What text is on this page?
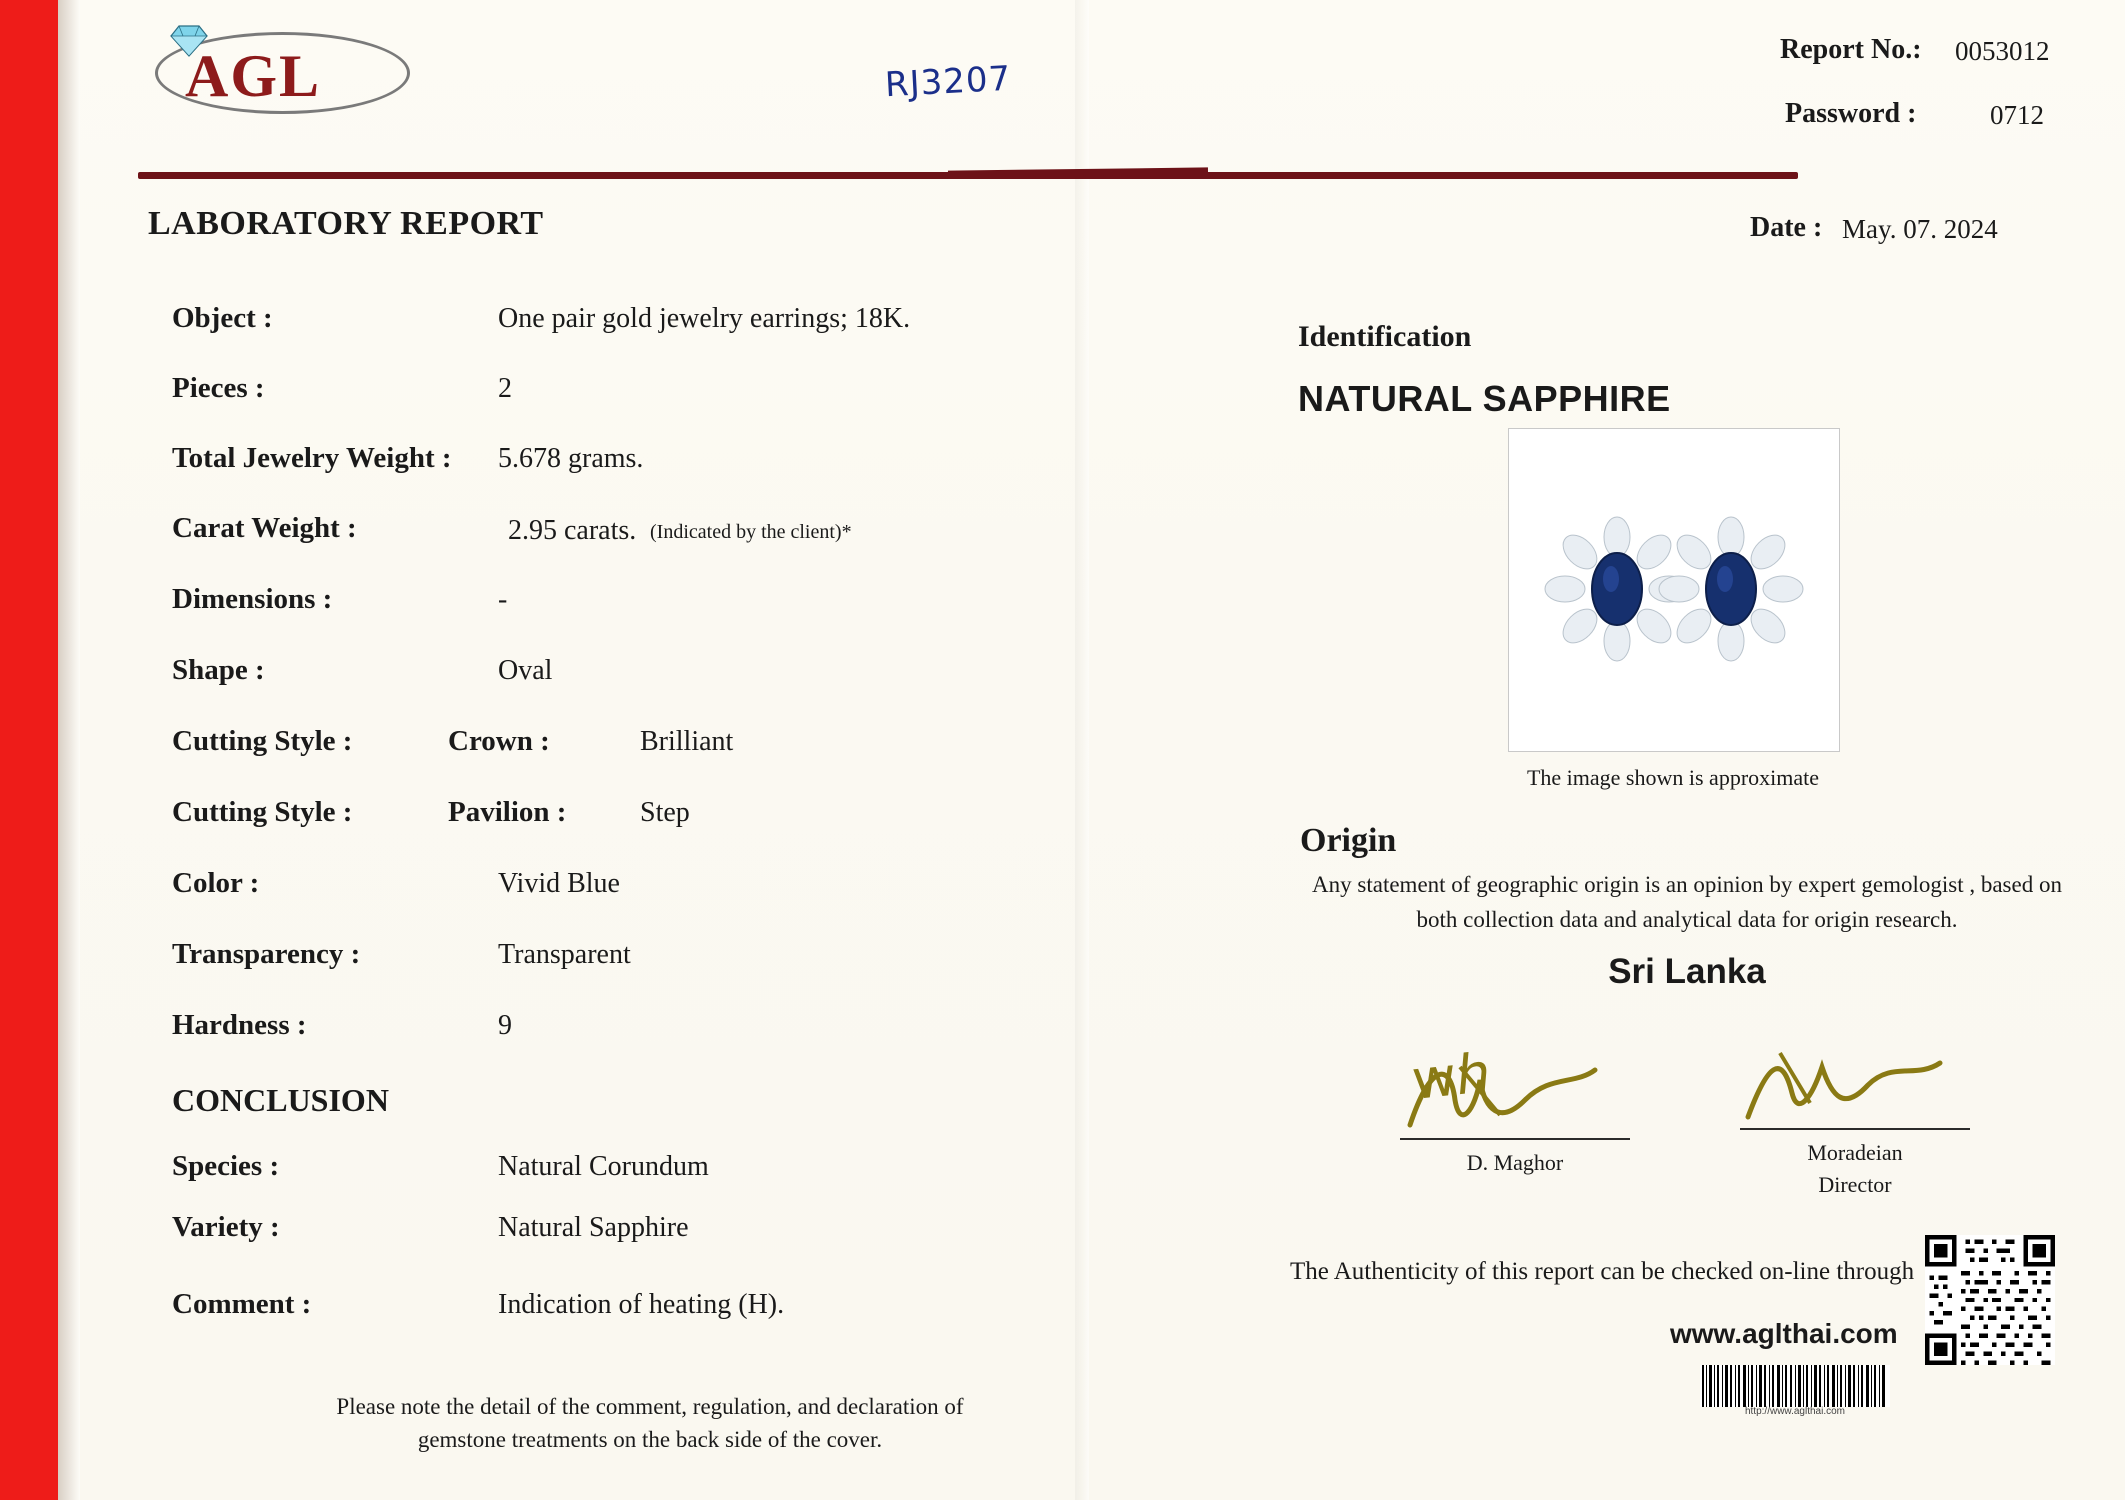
AGL	RJ3207
Report No.: 0053012
Password :	0712
LABORATORY REPORT	Date : May. 07. 2024
Object :	One pair gold jewelry earrings; 18K.
Pieces :	2
Total Jewelry Weight : 5.678 grams.
Carat Weight :	2.95 carats. (Indicated by the client)*
Dimensions :	-
Shape :	Oval
Cutting Style :	Crown :	Brilliant
Cutting Style :	Pavilion :	Step
Color :	Vivid Blue
Transparency :	Transparent
Hardness :	9
CONCLUSION
Species :	Natural Corundum
Variety :	Natural Sapphire
Comment :	Indication of heating (H).
Please note the detail of the comment, regulation, and declaration of gemstone treatments on the back side of the cover.
Identification
NATURAL SAPPHIRE
The image shown is approximate
Origin
Any statement of geographic origin is an opinion by expert gemologist , based on both collection data and analytical data for origin research.
Sri Lanka
wℎ
D. Maghor	Moradeian
Director
The Authenticity of this report can be checked on-line through
www.aglthai.com
http://www.aglthai.com
